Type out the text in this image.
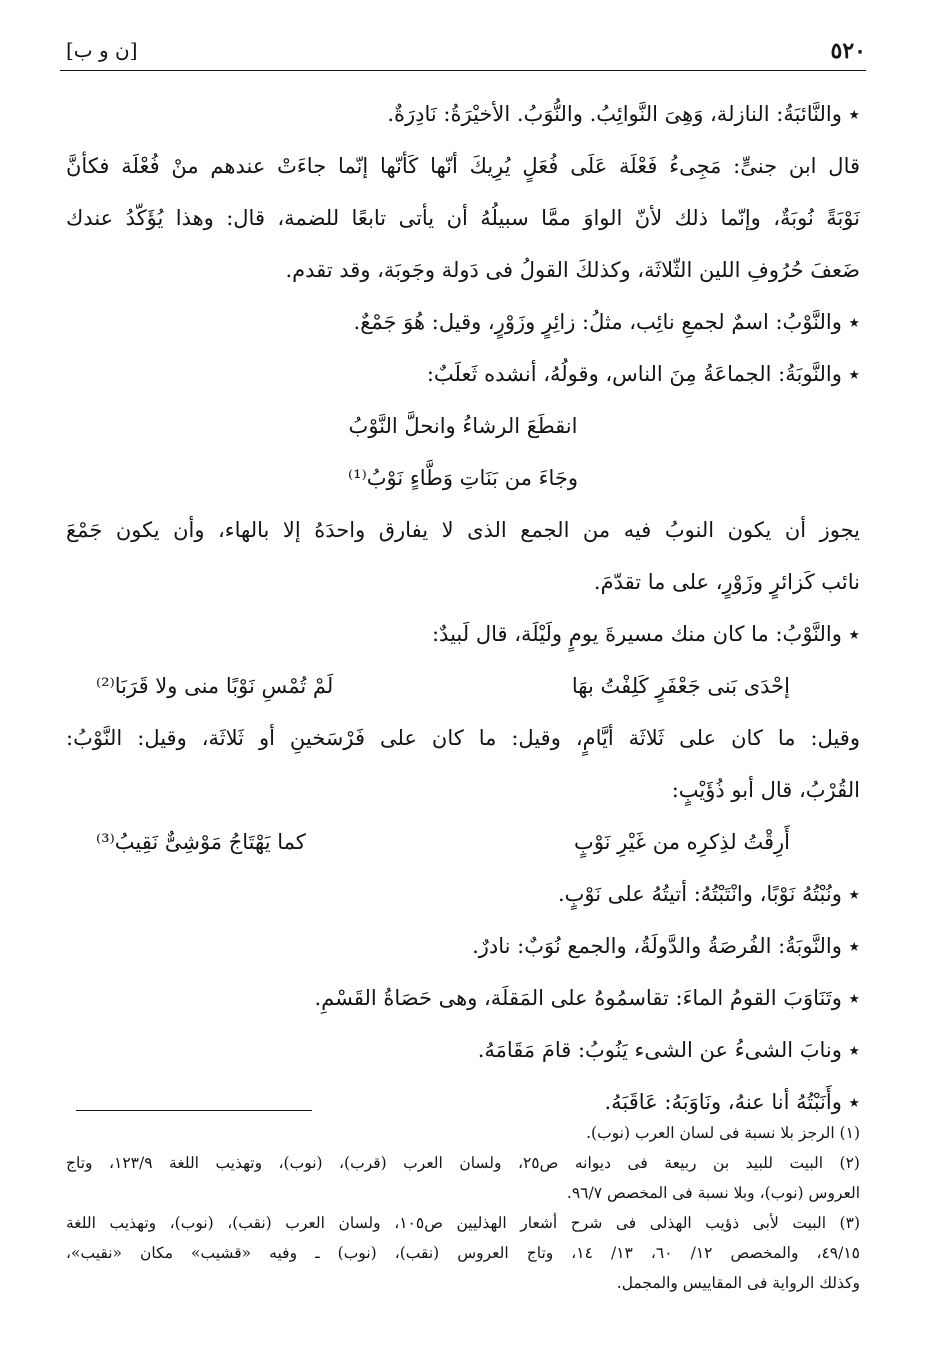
٥٢٠
[ن و ب]
٭ والنَّائبَةُ: النازلة، وَهِىَ النَّوائِبُ. والنُّوَبُ. الأخيْرَةُ: نَادِرَةٌ.
قال ابن جنىٍّ: مَجِىءُ فَعْلَة عَلَى فُعَلٍ يُرِيكَ أنّها كَأنّها إنّما جاءَتْ عندهم منْ فُعْلَة فكأنَّ
نَوْبَةً نُوبَةٌ، وإنّما ذلك لأنّ الواوَ ممَّا سبيلُهُ أن يأتى تابعًا للضمة، قال: وهذا يُؤَكّدُ عندك
ضَعفَ حُرُوفِ اللين الثّلاثَة، وكذلكَ القولُ فى دَولة وجَوبَة، وقد تقدم.
٭ والنَّوْبُ: اسمٌ لجمعِ نائِب، مثلُ: زائِرٍ وزَوْرٍ، وقيل: هُوَ جَمْعٌ.
٭ والنَّوبَةُ: الجماعَةُ مِنَ الناس، وقولُهُ، أنشده ثَعلَبٌ:
انقطَعَ الرشاءُ وانحلَّ النَّوْبُ
وجَاءَ من بَنَاتِ وَطَّاءٍ نَوْبُ⁽¹⁾
يجوز أن يكون النوبُ فيه من الجمع الذى لا يفارق واحدَهُ إلا بالهاء، وأن يكون جَمْعَ
نائب كَزائرٍ وزَوْرٍ، على ما تقدّمَ.
٭ والنَّوْبُ: ما كان منك مسيرةَ يومٍ ولَيْلَة، قال لَبيدٌ:
إحْدَى بَنى جَعْفَرٍ كَلِفْتُ بهَا
لَمْ تُمْسِ نَوْبًا منى ولا قَرَبَا⁽²⁾
وقيل: ما كان على ثَلاثَة أيَّامٍ، وقيل: ما كان على فَرْسَخينِ أو ثَلاثَة، وقيل: النَّوْبُ:
القُرْبُ، قال أبو ذُؤَيْبٍ:
أَرِقْتُ لذِكرِه من غَيْرِ نَوْبٍ
كما يَهْتَاجُ مَوْشِىٌّ نَقِيبُ⁽³⁾
٭ ونُبْتُهُ نَوْبًا، وانْتَبْتُهُ: أتيتُهُ على نَوْبٍ.
٭ والنَّوبَةُ: الفُرصَةُ والدَّولَةُ، والجمع نُوَبٌ: نادرٌ.
٭ وتَنَاوَبَ القومُ الماءَ: تقاسمُوهُ على المَقلَة، وهى حَصَاةُ القَسْمِ.
٭ ونابَ الشىءُ عن الشىء يَنُوبُ: قامَ مَقَامَهُ.
٭ وأَنَبْتُهُ أنا عنهُ، ونَاوَبَهُ: عَاقَبَهُ.
(١) الرجز بلا نسبة فى لسان العرب (نوب).
(٢) البيت للبيد بن ربيعة فى ديوانه ص٢٥، ولسان العرب (قرب)، (نوب)، وتهذيب اللغة ١٢٣/٩، وتاج
العروس (نوب)، وبلا نسبة فى المخصص ٩٦/٧.
(٣) البيت لأبى ذؤيب الهذلى فى شرح أشعار الهذليين ص١٠٥، ولسان العرب (نقب)، (نوب)، وتهذيب اللغة
٤٩/١٥، والمخصص ١٢/ ٦٠، ١٣/ ١٤، وتاج العروس (نقب)، (نوب) ـ وفيه «قشيب» مكان «نقيب»،
وكذلك الرواية فى المقاييس والمجمل.
